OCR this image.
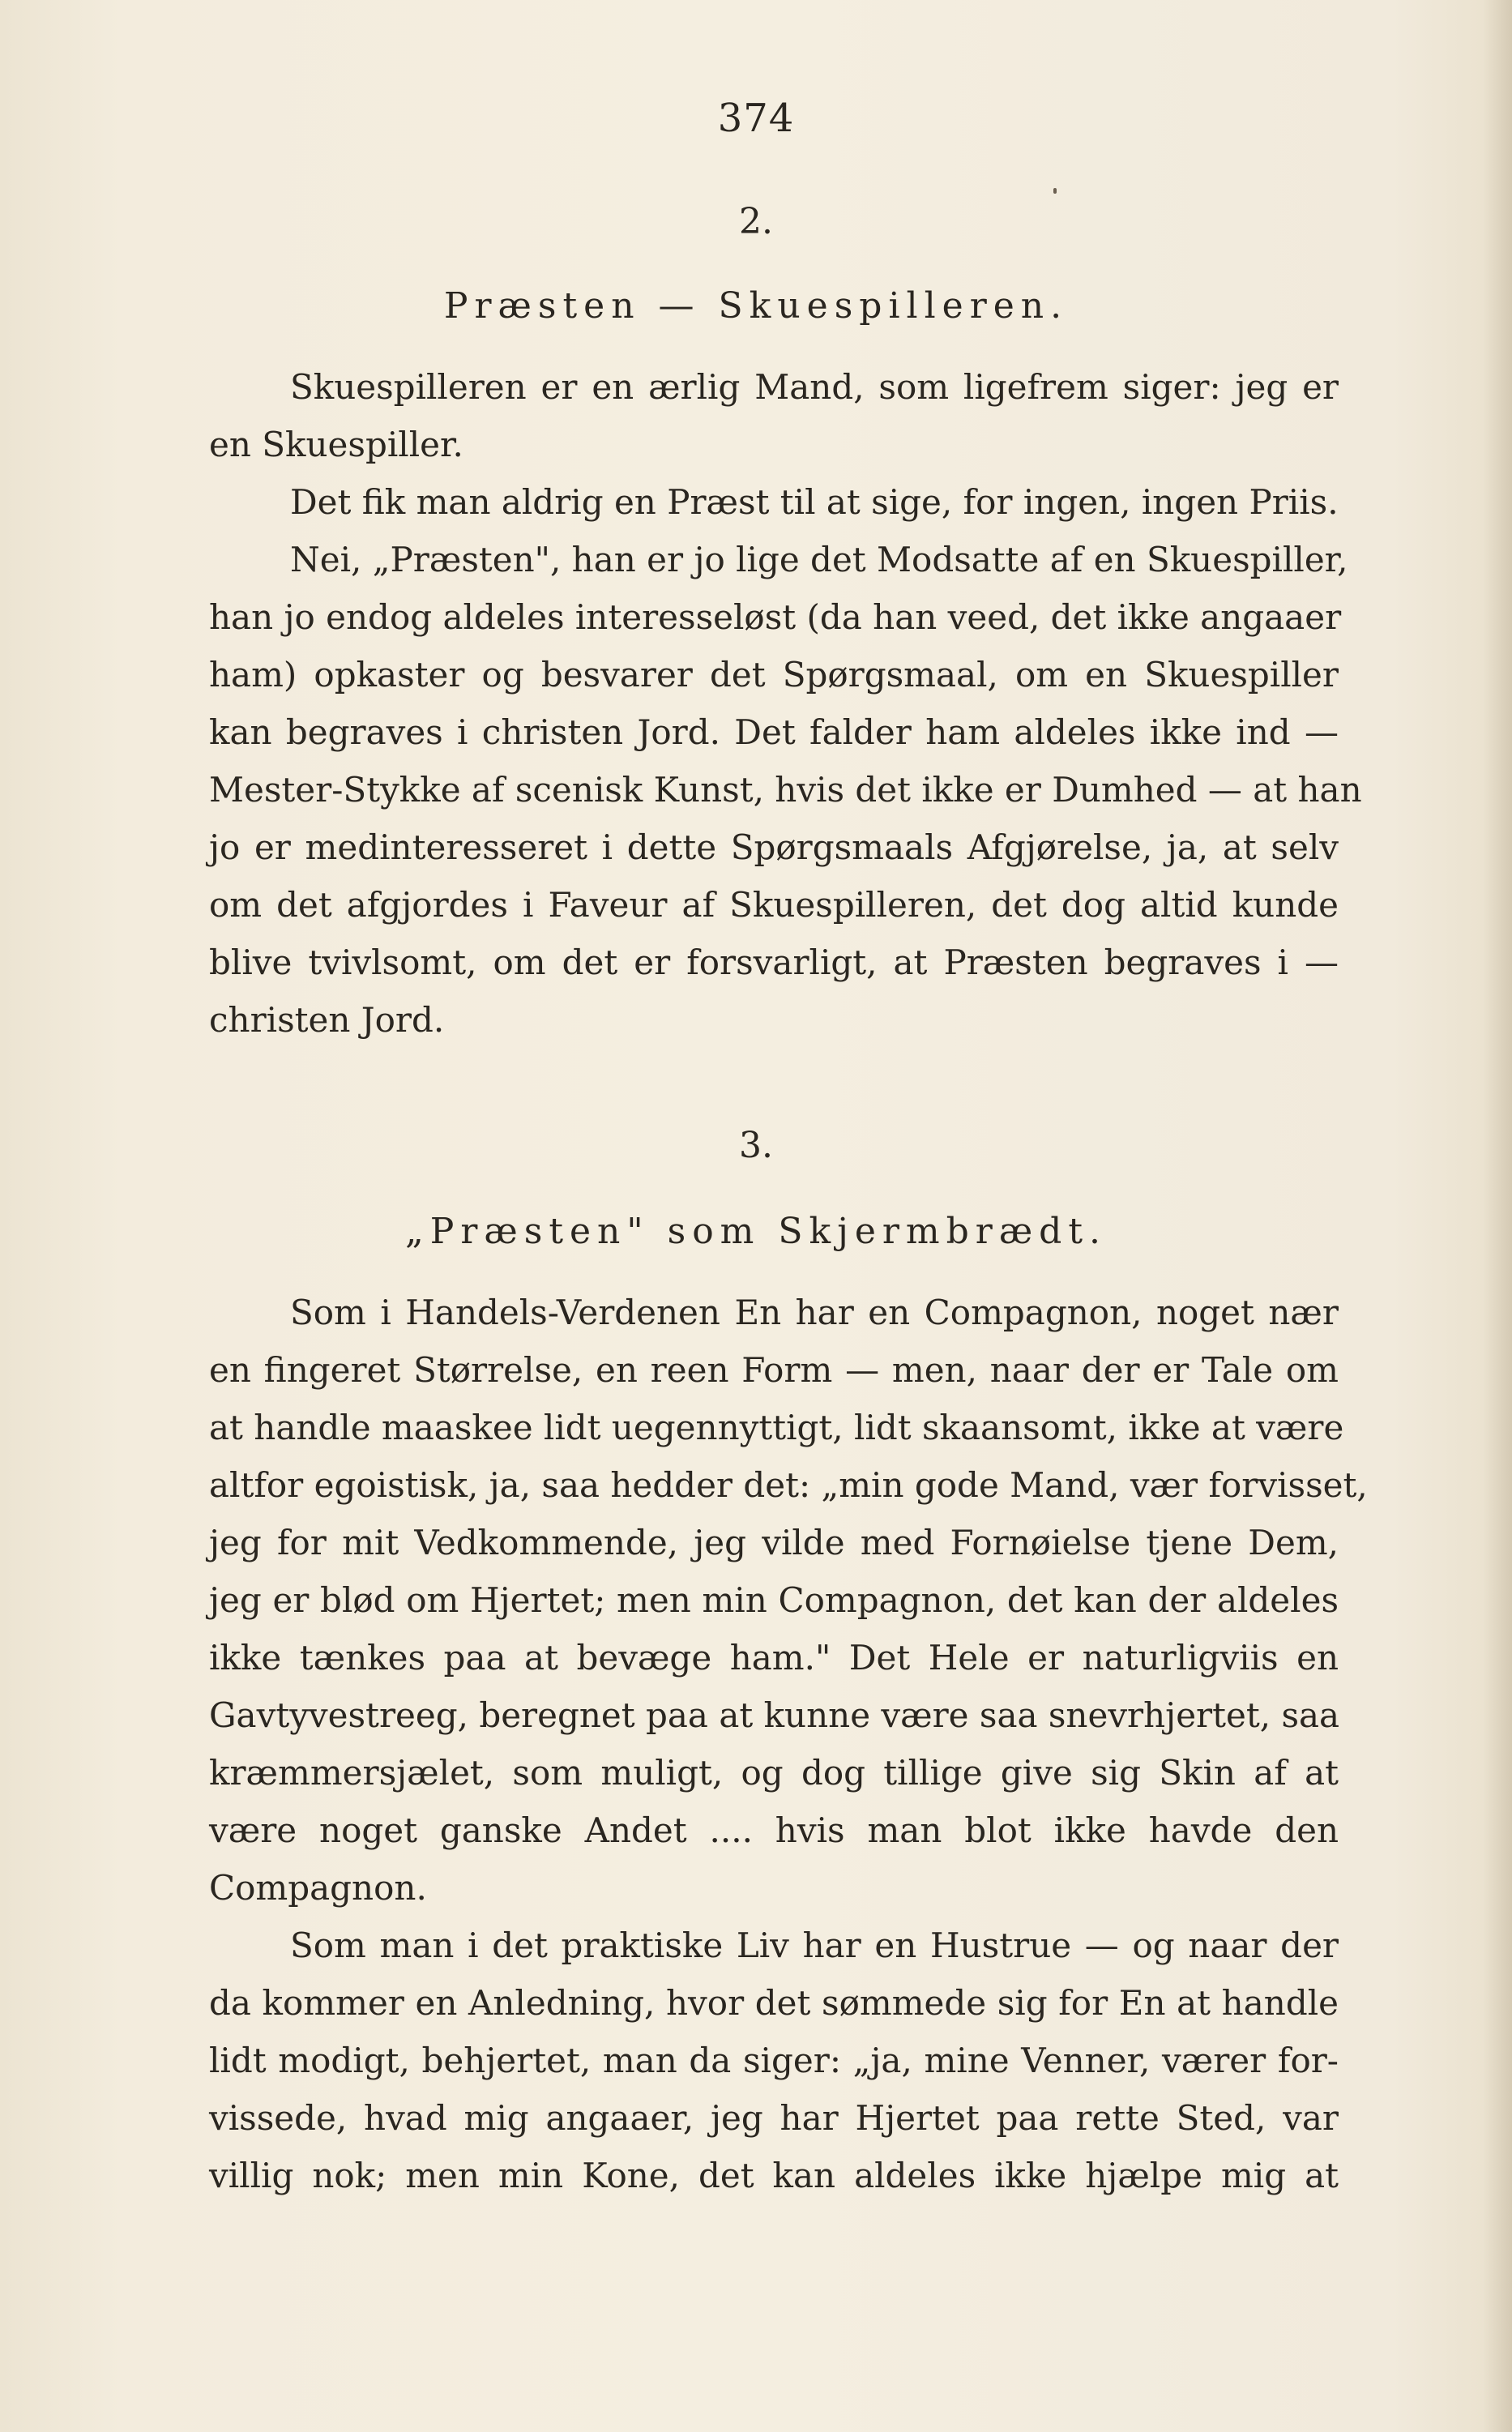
374
2.
Præsten — Skuespilleren.
Skuespilleren er en ærlig Mand, som ligefrem siger: jeg er
en Skuespiller.
Det fik man aldrig en Præst til at sige, for ingen, ingen Priis.
Nei, „Præsten", han er jo lige det Modsatte af en Skuespiller,
han jo endog aldeles interesseløst (da han veed, det ikke angaaer
ham) opkaster og besvarer det Spørgsmaal, om en Skuespiller
kan begraves i christen Jord. Det falder ham aldeles ikke ind —
Mester-Stykke af scenisk Kunst, hvis det ikke er Dumhed — at han
jo er medinteresseret i dette Spørgsmaals Afgjørelse, ja, at selv
om det afgjordes i Faveur af Skuespilleren, det dog altid kunde
blive tvivlsomt, om det er forsvarligt, at Præsten begraves i —
christen Jord.
3.
„Præsten" som Skjermbrædt.
Som i Handels-Verdenen En har en Compagnon, noget nær
en fingeret Størrelse, en reen Form — men, naar der er Tale om
at handle maaskee lidt uegennyttigt, lidt skaansomt, ikke at være
altfor egoistisk, ja, saa hedder det: „min gode Mand, vær forvisset,
jeg for mit Vedkommende, jeg vilde med Fornøielse tjene Dem,
jeg er blød om Hjertet; men min Compagnon, det kan der aldeles
ikke tænkes paa at bevæge ham." Det Hele er naturligviis en
Gavtyvestreeg, beregnet paa at kunne være saa snevrhjertet, saa
kræmmersjælet, som muligt, og dog tillige give sig Skin af at
være noget ganske Andet .... hvis man blot ikke havde den
Compagnon.
Som man i det praktiske Liv har en Hustrue — og naar der
da kommer en Anledning, hvor det sømmede sig for En at handle
lidt modigt, behjertet, man da siger: „ja, mine Venner, værer for-
vissede, hvad mig angaaer, jeg har Hjertet paa rette Sted, var
villig nok; men min Kone, det kan aldeles ikke hjælpe mig at
